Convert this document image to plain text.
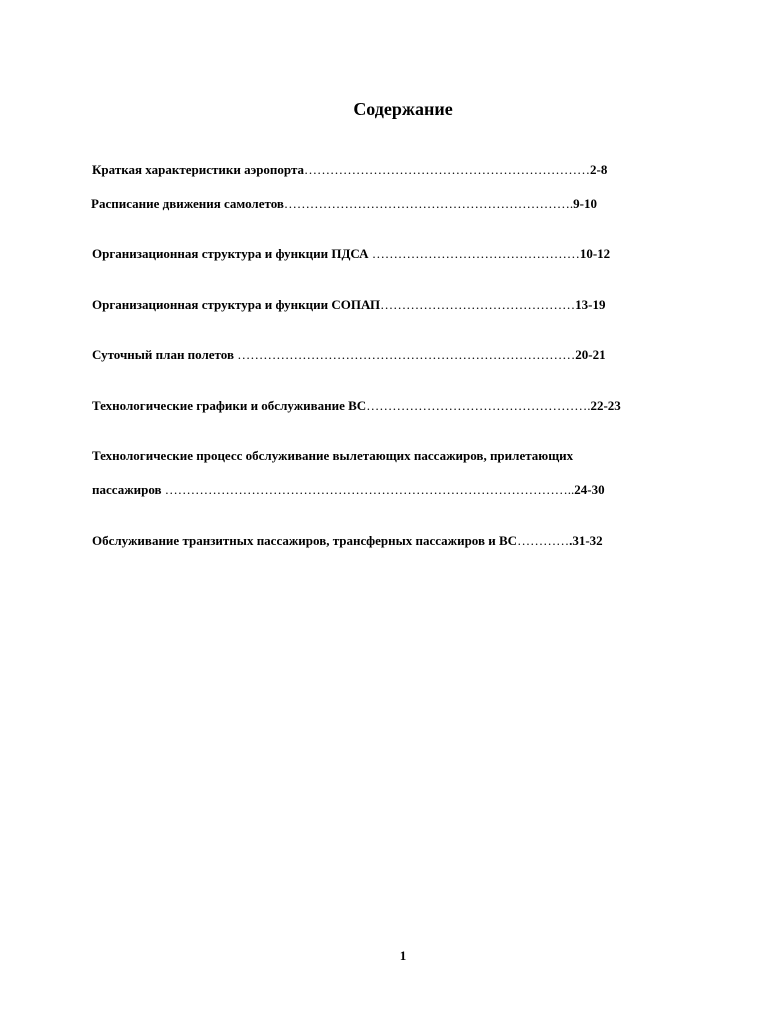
Содержание
Краткая характеристики аэропорта…………………………………………………………2-8
Расписание движения самолетов………………………………………………………….9-10
Организационная структура и функции ПДСА …………………………………………10-12
Организационная структура и функции СОПАП………………………………………13-19
Суточный план полетов ……………………………………………………………………20-21
Технологические графики и обслуживание ВС…………………………………………….22-23
Технологические процесс обслуживание вылетающих пассажиров, прилетающих
пассажиров …………………………………………………………………………………..24-30
Обслуживание транзитных пассажиров, трансферных пассажиров и ВС………….31-32
1
